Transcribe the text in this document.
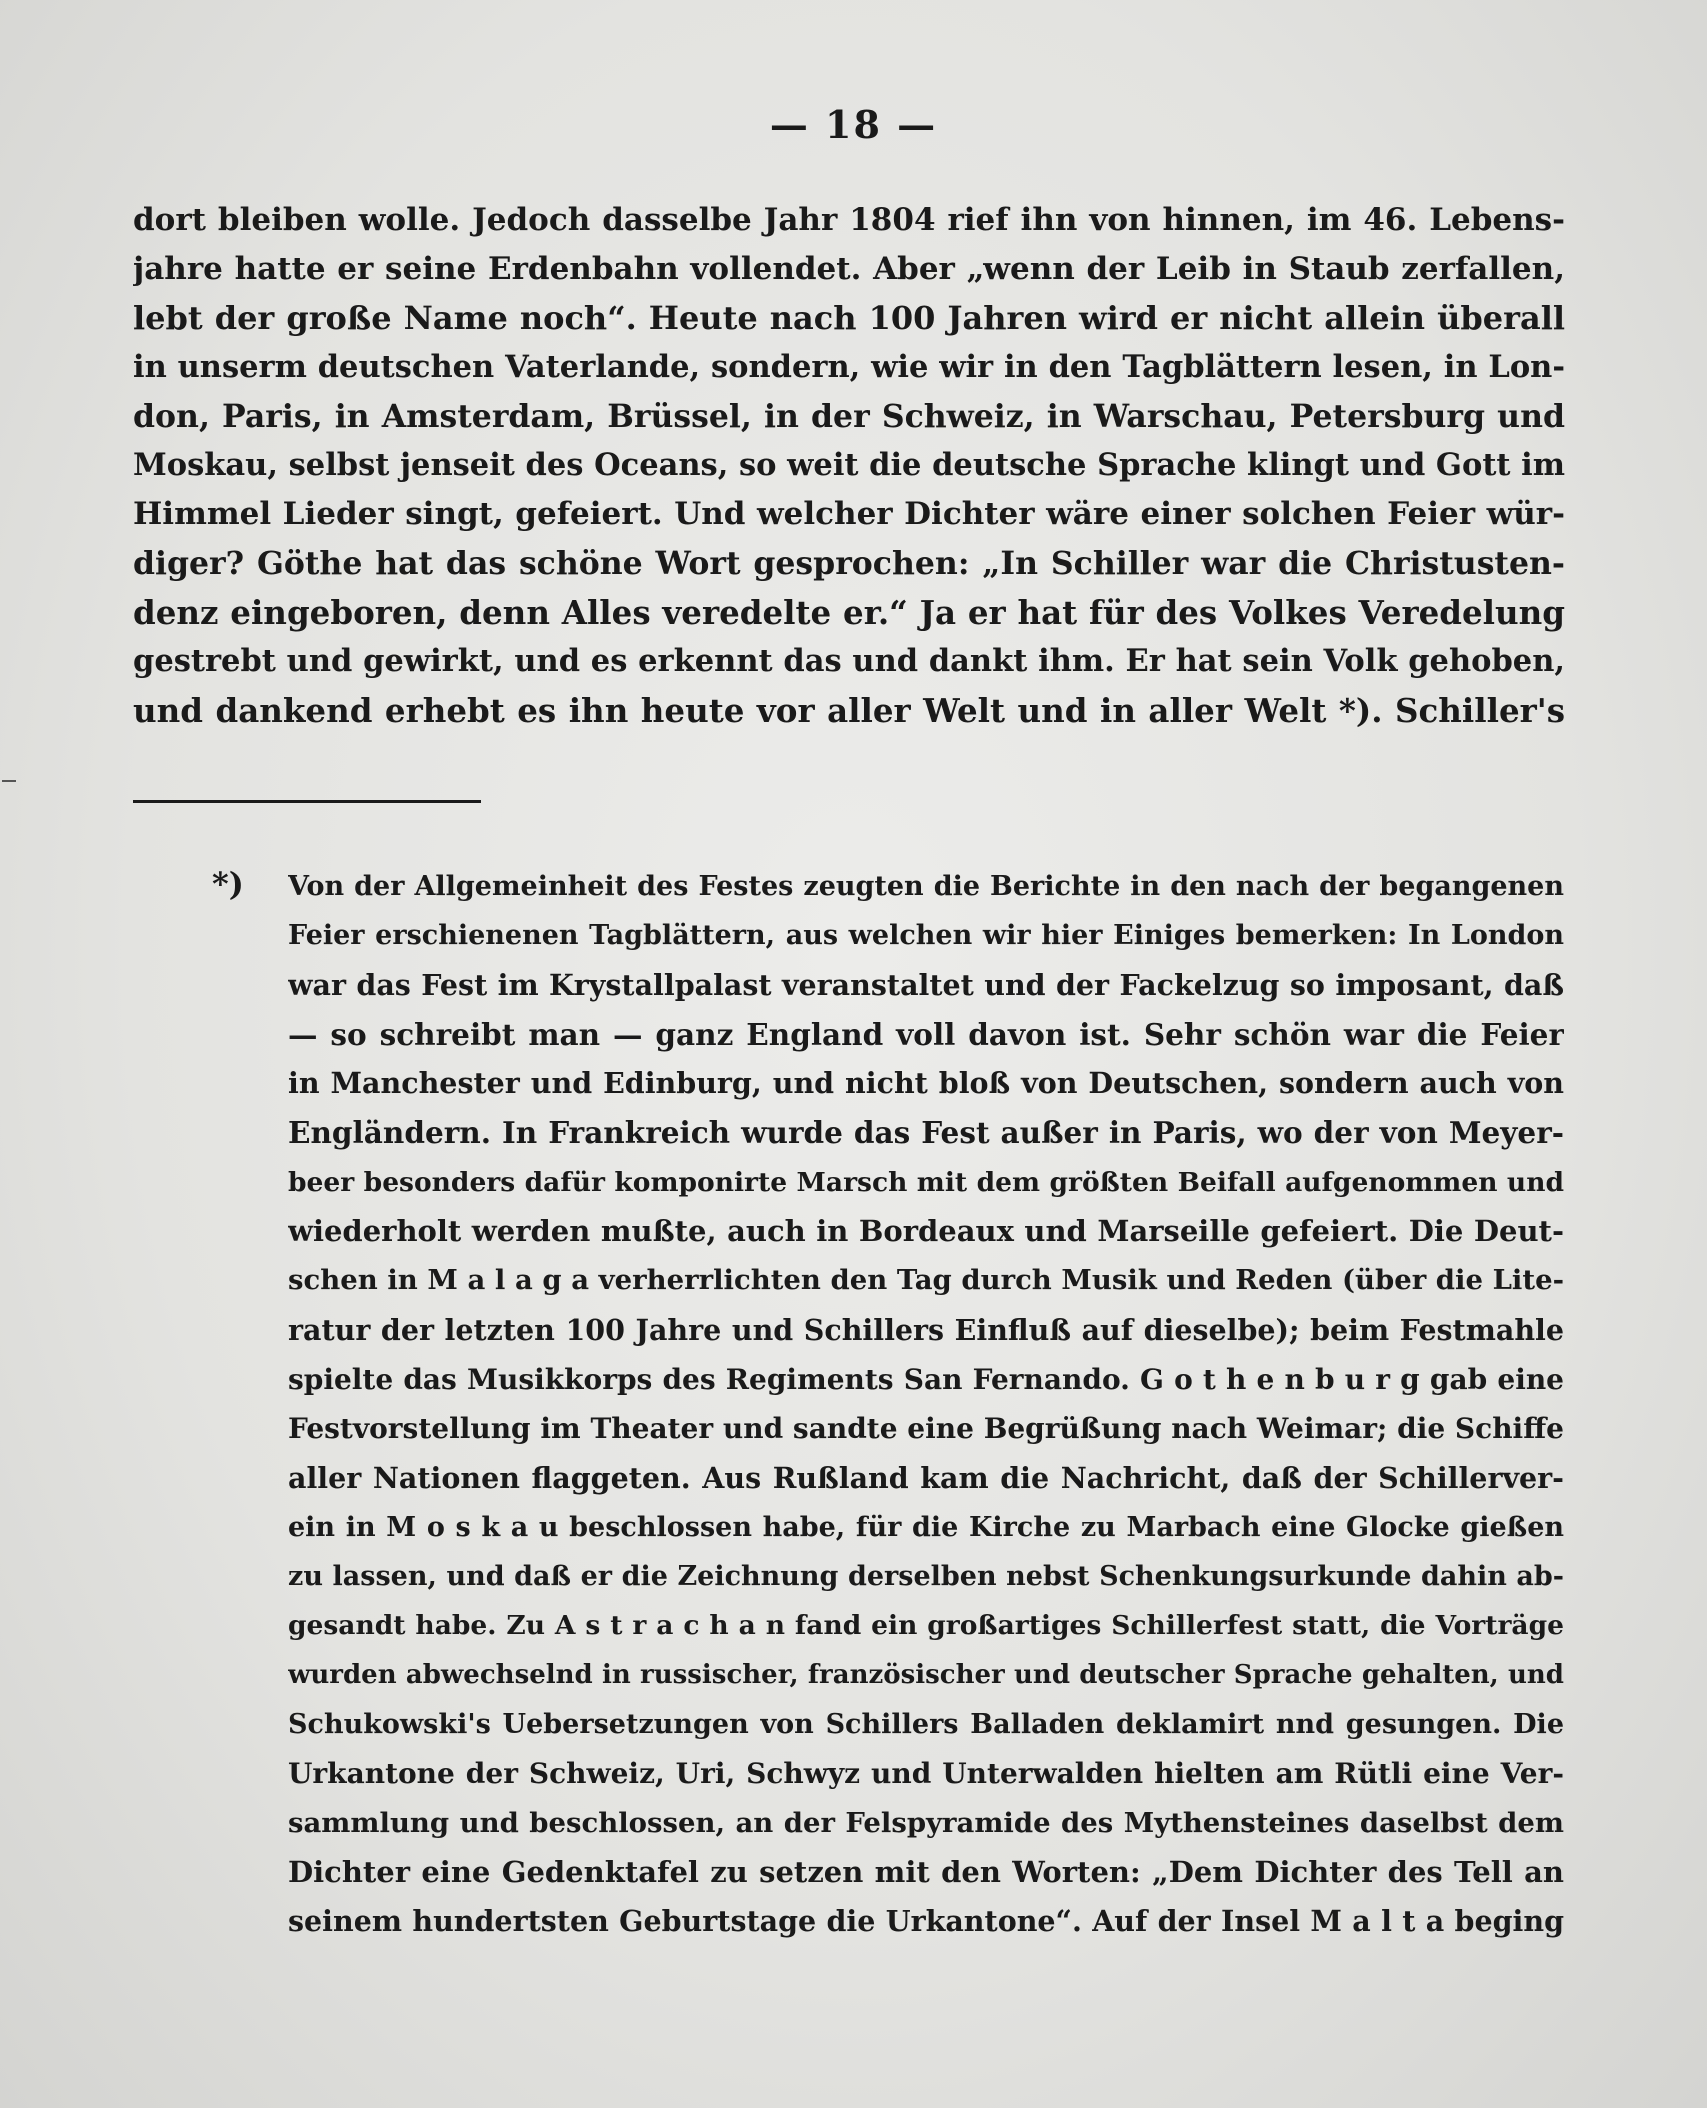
— 18 —
dort bleiben wolle. Jedoch dasselbe Jahr 1804 rief ihn von hinnen, im 46. Lebens-
jahre hatte er seine Erdenbahn vollendet. Aber „wenn der Leib in Staub zerfallen,
lebt der große Name noch“. Heute nach 100 Jahren wird er nicht allein überall
in unserm deutschen Vaterlande, sondern, wie wir in den Tagblättern lesen, in Lon-
don, Paris, in Amsterdam, Brüssel, in der Schweiz, in Warschau, Petersburg und
Moskau, selbst jenseit des Oceans, so weit die deutsche Sprache klingt und Gott im
Himmel Lieder singt, gefeiert. Und welcher Dichter wäre einer solchen Feier wür-
diger? Göthe hat das schöne Wort gesprochen: „In Schiller war die Christusten-
denz eingeboren, denn Alles veredelte er.“ Ja er hat für des Volkes Veredelung
gestrebt und gewirkt, und es erkennt das und dankt ihm. Er hat sein Volk gehoben,
und dankend erhebt es ihn heute vor aller Welt und in aller Welt *). Schiller's
*) Von der Allgemeinheit des Festes zeugten die Berichte in den nach der begangenen
Feier erschienenen Tagblättern, aus welchen wir hier Einiges bemerken: In London
war das Fest im Krystallpalast veranstaltet und der Fackelzug so imposant, daß
— so schreibt man — ganz England voll davon ist. Sehr schön war die Feier
in Manchester und Edinburg, und nicht bloß von Deutschen, sondern auch von
Engländern. In Frankreich wurde das Fest außer in Paris, wo der von Meyer-
beer besonders dafür komponirte Marsch mit dem größten Beifall aufgenommen und
wiederholt werden mußte, auch in Bordeaux und Marseille gefeiert. Die Deut-
schen in M a l a g a verherrlichten den Tag durch Musik und Reden (über die Lite-
ratur der letzten 100 Jahre und Schillers Einfluß auf dieselbe); beim Festmahle
spielte das Musikkorps des Regiments San Fernando. G o t h e n b u r g gab eine
Festvorstellung im Theater und sandte eine Begrüßung nach Weimar; die Schiffe
aller Nationen flaggeten. Aus Rußland kam die Nachricht, daß der Schillerver-
ein in M o s k a u beschlossen habe, für die Kirche zu Marbach eine Glocke gießen
zu lassen, und daß er die Zeichnung derselben nebst Schenkungsurkunde dahin ab-
gesandt habe. Zu A s t r a c h a n fand ein großartiges Schillerfest statt, die Vorträge
wurden abwechselnd in russischer, französischer und deutscher Sprache gehalten, und
Schukowski's Uebersetzungen von Schillers Balladen deklamirt nnd gesungen. Die
Urkantone der Schweiz, Uri, Schwyz und Unterwalden hielten am Rütli eine Ver-
sammlung und beschlossen, an der Felspyramide des Mythensteines daselbst dem
Dichter eine Gedenktafel zu setzen mit den Worten: „Dem Dichter des Tell an
seinem hundertsten Geburtstage die Urkantone“. Auf der Insel M a l t a beging
